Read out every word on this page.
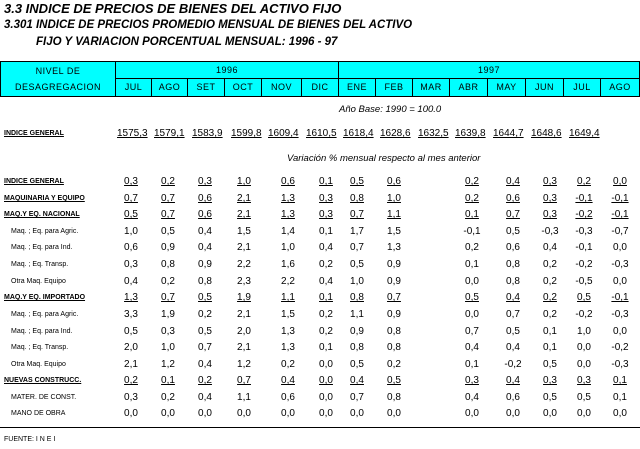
3.3 INDICE DE PRECIOS DE BIENES DEL ACTIVO FIJO
3.301 INDICE DE PRECIOS PROMEDIO MENSUAL DE BIENES DEL ACTIVO
FIJO Y VARIACION PORCENTUAL MENSUAL: 1996 - 97
NIVEL DE
DESAGREGACION
1996	1997
JUL	AGO	SET	OCT	NOV	DIC	ENE	FEB	MAR	ABR	MAY	JUN	JUL	AGO
Año Base: 1990 = 100.0
INDICE GENERAL	1575,3 1579,1 1583,9 1599,8 1609,4 1610,5 1618,4 1628,6 1632,5 1639,8 1644,7 1648,6 1649,4
Variación % mensual respecto al mes anterior
INDICE GENERAL	0,3	0,2	0,3	1,0	0,6	0,1	0,5	0,6	0,2	0,4	0,3	0,2	0,0
MAQUINARIA Y EQUIPO	0,7	0,7	0,6	2,1	1,3	0,3	0,8	1,0	0,2	0,6	0,3	-0,1	-0,1
MAQ.Y EQ. NACIONAL	0,5	0,7	0,6	2,1	1,3	0,3	0,7	1,1	0,1	0,7	0,3	-0,2	-0,1
Maq. ; Eq. para Agric.	1,0	0,5	0,4	1,5	1,4	0,1	1,7	1,5	-0,1	0,5	-0,3	-0,3	-0,7
Maq. ; Eq. para Ind.	0,6	0,9	0,4	2,1	1,0	0,4	0,7	1,3	0,2	0,6	0,4	-0,1	0,0
Maq. ; Eq. Transp.	0,3	0,8	0,9	2,2	1,6	0,2	0,5	0,9	0,1	0,8	0,2	-0,2	-0,3
Otra Maq. Equipo	0,4	0,2	0,8	2,3	2,2	0,4	1,0	0,9	0,0	0,8	0,2	-0,5	0,0
MAQ.Y EQ. IMPORTADO	1,3	0,7	0,5	1,9	1,1	0,1	0,8	0,7	0,5	0,4	0,2	0,5	-0,1
Maq. ; Eq. para Agric.	3,3	1,9	0,2	2,1	1,5	0,2	1,1	0,9	0,0	0,7	0,2	-0,2	-0,3
Maq. ; Eq. para Ind.	0,5	0,3	0,5	2,0	1,3	0,2	0,9	0,8	0,7	0,5	0,1	1,0	0,0
Maq. ; Eq. Transp.	2,0	1,0	0,7	2,1	1,3	0,1	0,8	0,8	0,4	0,4	0,1	0,0	-0,2
Otra Maq. Equipo	2,1	1,2	0,4	1,2	0,2	0,0	0,5	0,2	0,1	-0,2	0,5	0,0	-0,3
NUEVAS CONSTRUCC.	0,2	0,1	0,2	0,7	0,4	0,0	0,4	0,5	0,3	0,4	0,3	0,3	0,1
MATER. DE CONST.	0,3	0,2	0,4	1,1	0,6	0,0	0,7	0,8	0,4	0,6	0,5	0,5	0,1
MANO DE OBRA	0,0	0,0	0,0	0,0	0,0	0,0	0,0	0,0	0,0	0,0	0,0	0,0	0,0
FUENTE: I N E I
